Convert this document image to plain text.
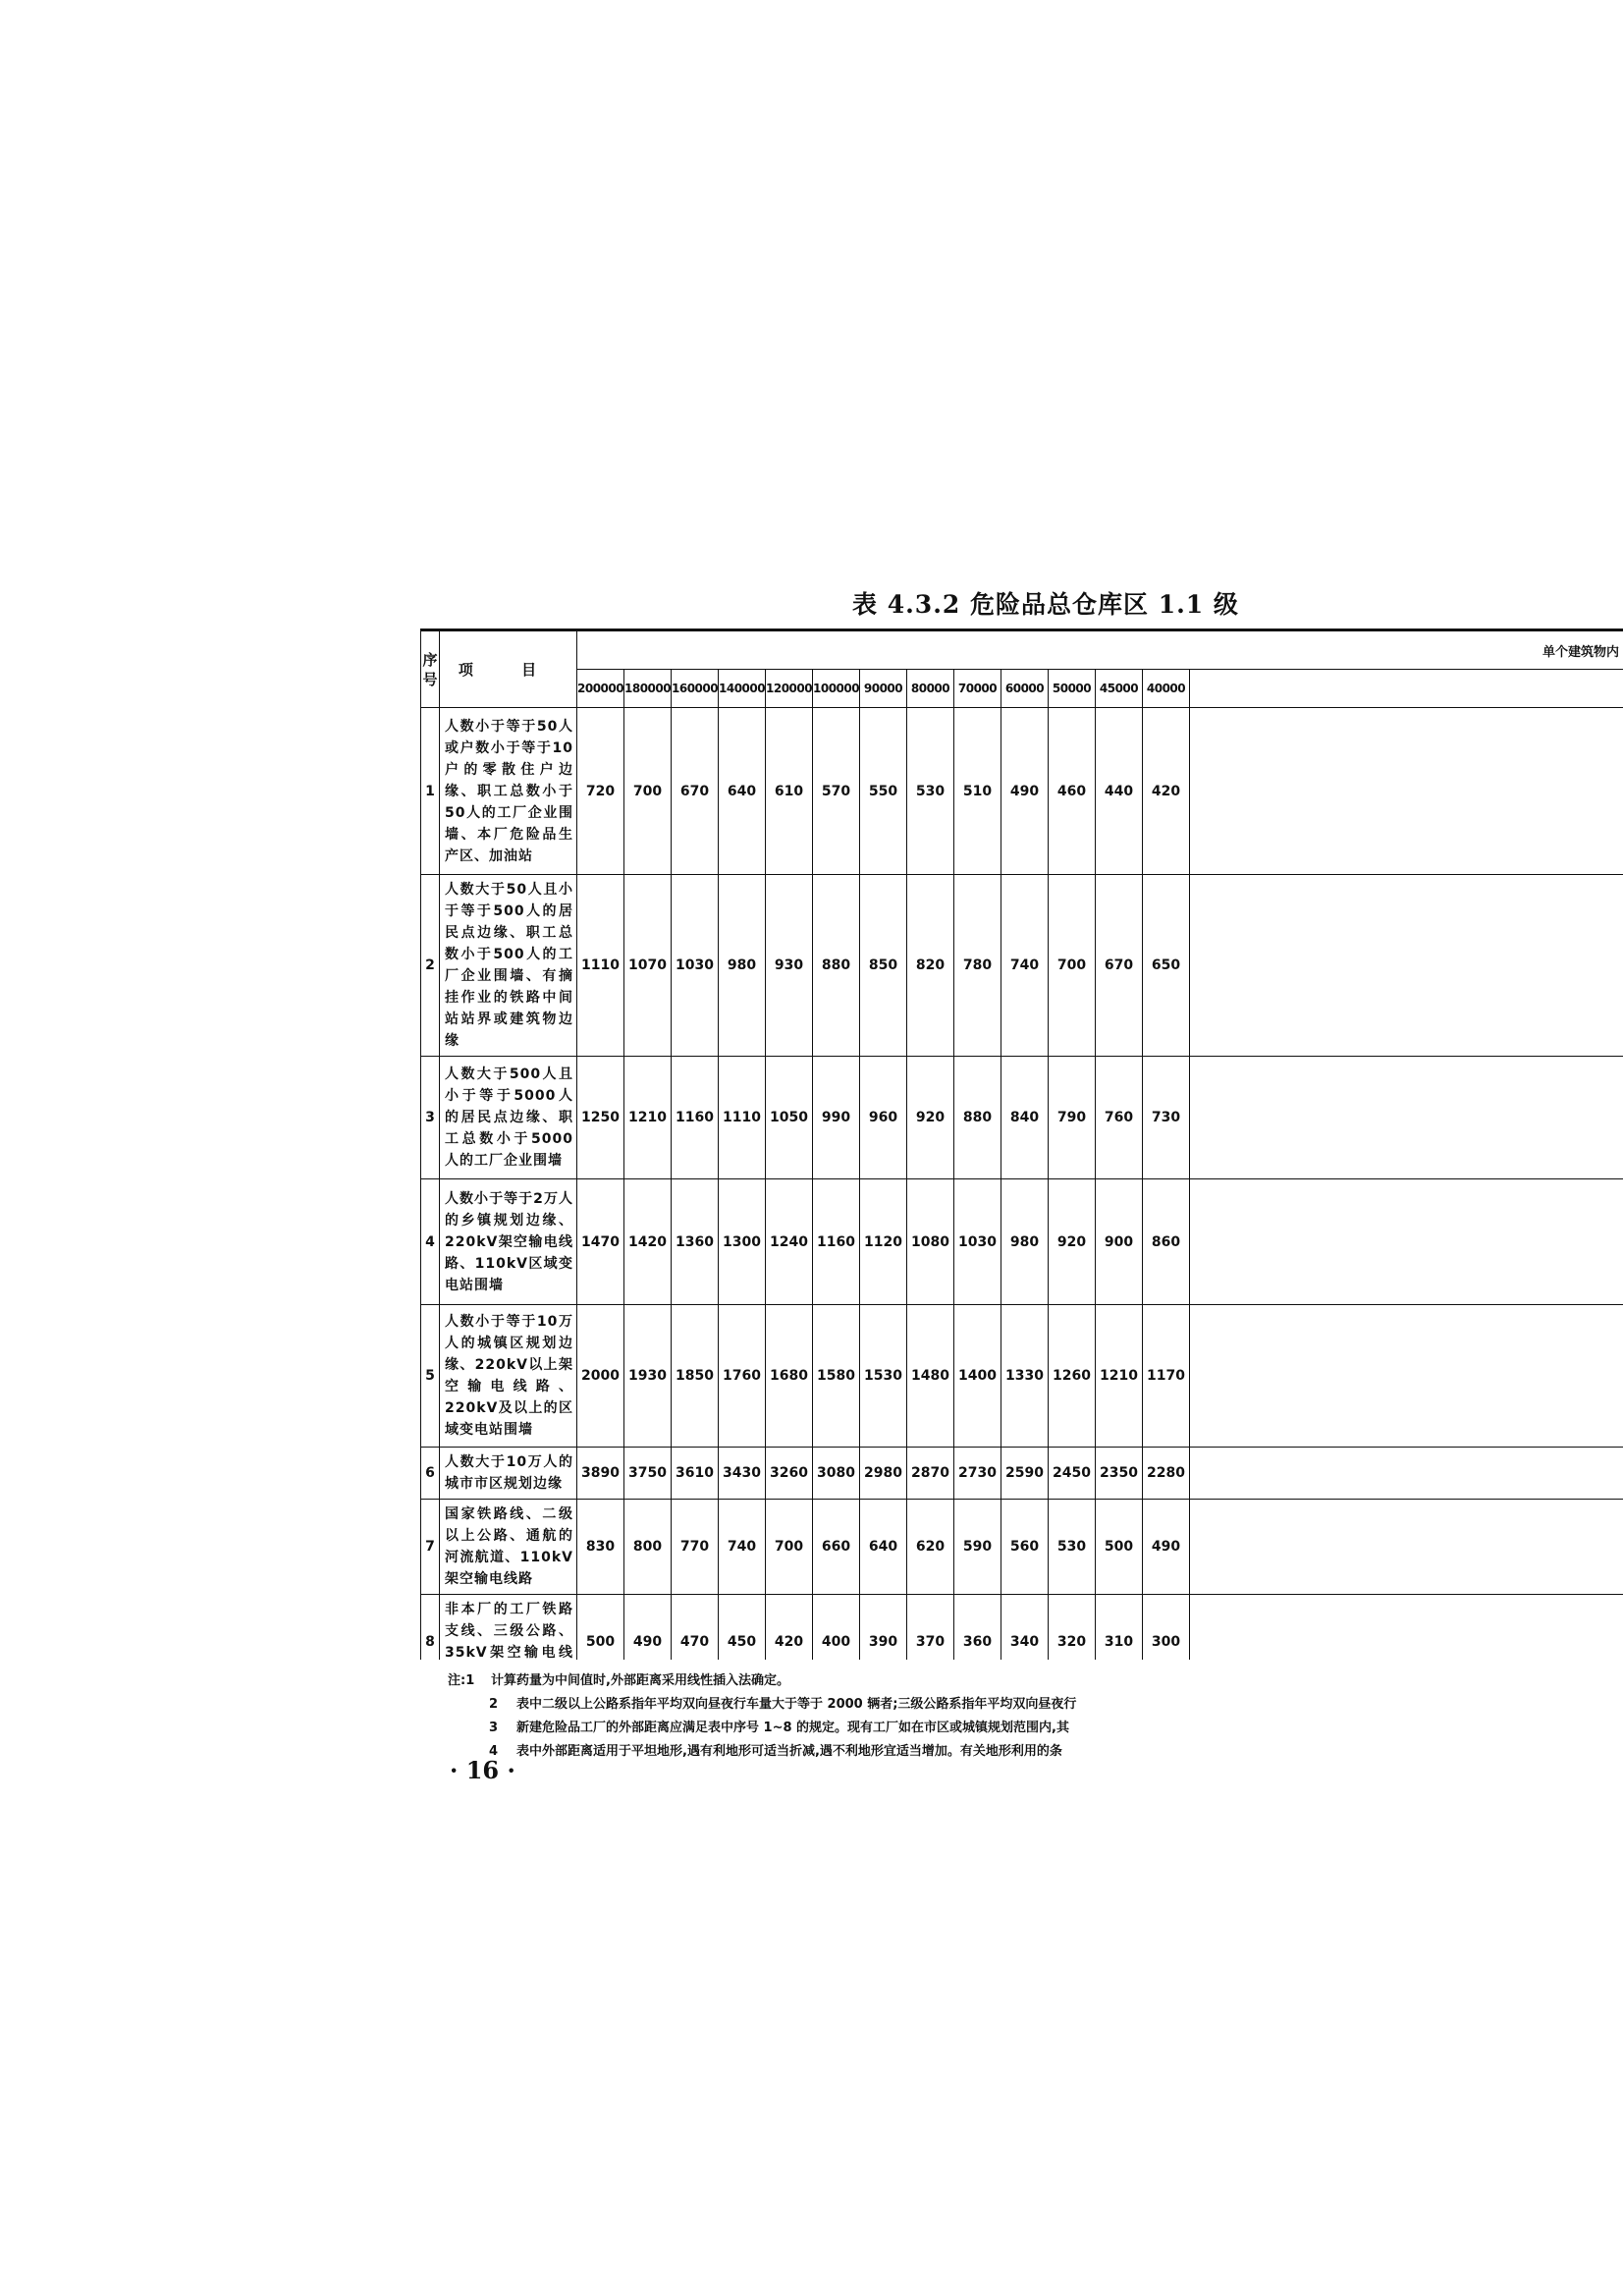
表 4.3.2 危险品总仓库区 1.1 级
序号	项 目	单个建筑物内													
		200000	180000	160000	140000	120000	100000	90000	80000	70000	60000	50000	45000	40000	
1	人数小于等于50人或户数小于等于10户的零散住户边缘、职工总数小于50人的工厂企业围墙、本厂危险品生产区、加油站	720	700	670	640	610	570	550	530	510	490	460	440	420	
2	人数大于50人且小于等于500人的居民点边缘、职工总数小于500人的工厂企业围墙、有摘挂作业的铁路中间站站界或建筑物边缘	1110	1070	1030	980	930	880	850	820	780	740	700	670	650	
3	人数大于500人且小于等于5000人的居民点边缘、职工总数小于5000人的工厂企业围墙	1250	1210	1160	1110	1050	990	960	920	880	840	790	760	730	
4	人数小于等于2万人的乡镇规划边缘、220kV架空输电线路、110kV区域变电站围墙	1470	1420	1360	1300	1240	1160	1120	1080	1030	980	920	900	860	
5	人数小于等于10万人的城镇区规划边缘、220kV以上架空输电线路、220kV及以上的区域变电站围墙	2000	1930	1850	1760	1680	1580	1530	1480	1400	1330	1260	1210	1170	
6	人数大于10万人的城市市区规划边缘	3890	3750	3610	3430	3260	3080	2980	2870	2730	2590	2450	2350	2280	
7	国家铁路线、二级以上公路、通航的河流航道、110kV架空输电线路	830	800	770	740	700	660	640	620	590	560	530	500	490	
8	非本厂的工厂铁路支线、三级公路、35kV架空输电线	500	490	470	450	420	400	390	370	360	340	320	310	300	
注:1 计算药量为中间值时,外部距离采用线性插入法确定。
2 表中二级以上公路系指年平均双向昼夜行车量大于等于 2000 辆者;三级公路系指年平均双向昼夜行
3 新建危险品工厂的外部距离应满足表中序号 1~8 的规定。现有工厂如在市区或城镇规划范围内,其
4 表中外部距离适用于平坦地形,遇有利地形可适当折减,遇不利地形宜适当增加。有关地形利用的条
· 16 ·
